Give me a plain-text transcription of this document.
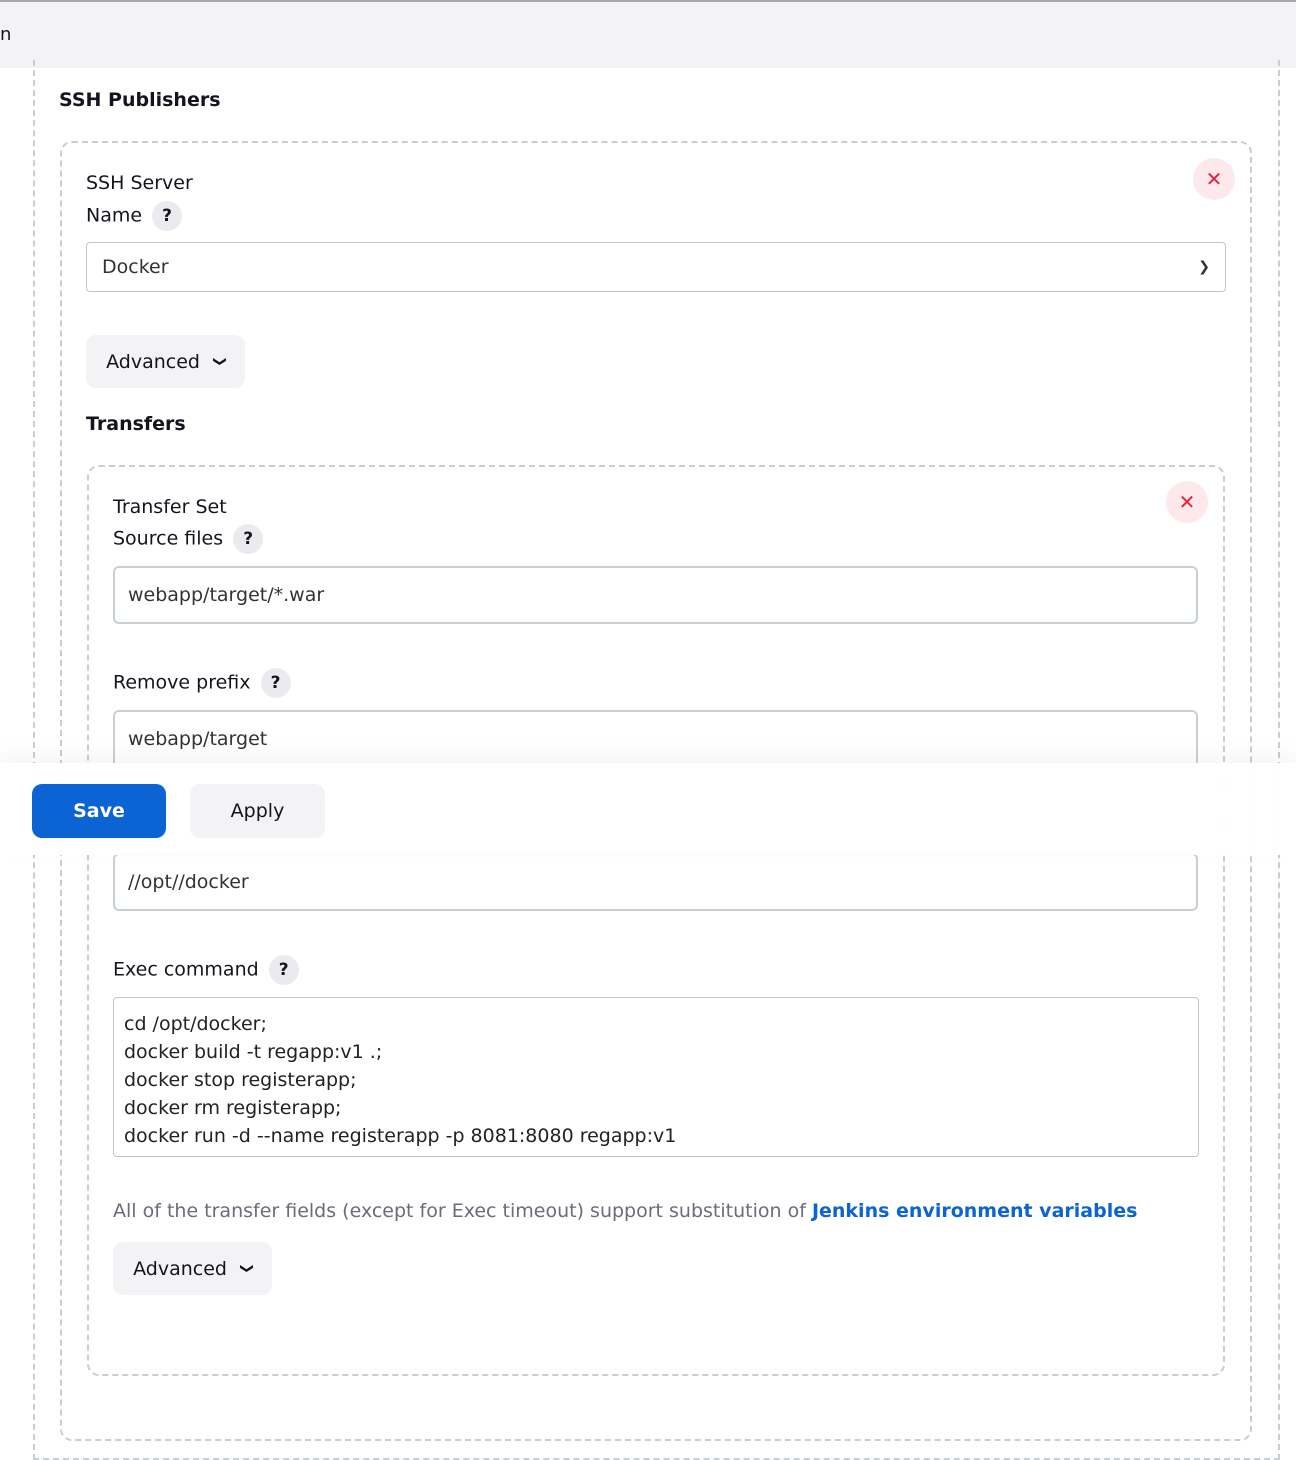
n
SSH Publishers
SSH Server	✕
Name ?
Docker	❯
Advanced ❯
Transfers
Transfer Set	✕
Source files ?
webapp/target/*.war
Remove prefix ?
webapp/target
//opt//docker
Exec command ?
cd /opt/docker;
docker build -t regapp:v1 .;
docker stop registerapp;
docker rm registerapp;
docker run -d --name registerapp -p 8081:8080 regapp:v1
All of the transfer fields (except for Exec timeout) support substitution of Jenkins environment variables
Advanced ❯
Save	Apply
